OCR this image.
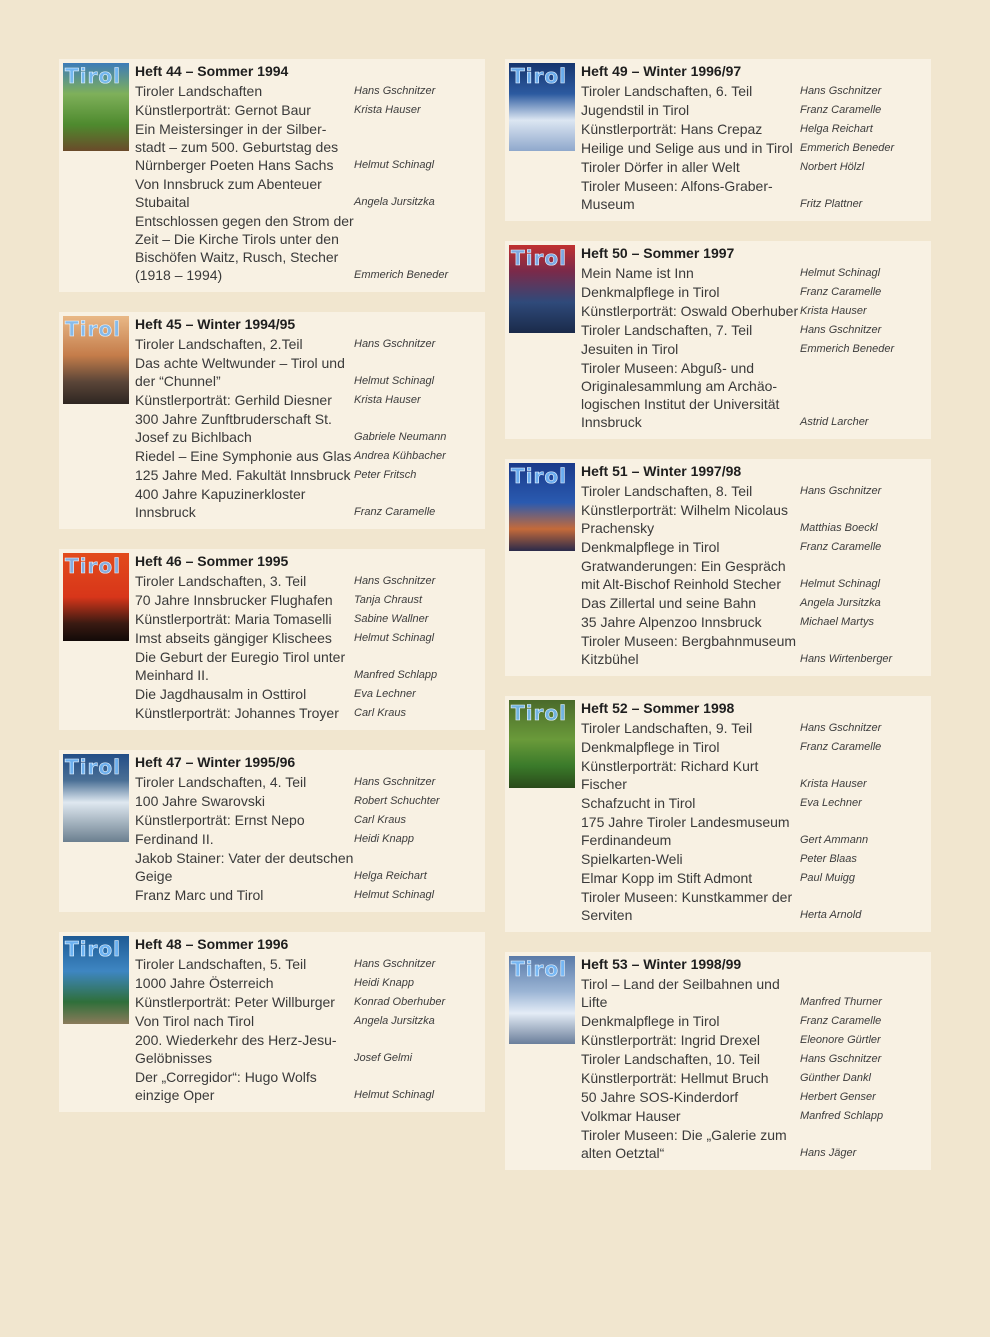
Tirol Heft 44 – Sommer 1994
Tiroler Landschaften	Hans Gschnitzer
Künstlerporträt: Gernot Baur	Krista Hauser
Ein Meistersinger in der Silber- stadt – zum 500. Geburtstag des Nürnberger Poeten Hans Sachs	Helmut Schinagl
Von Innsbruck zum Abenteuer Stubaital	Angela Jursitzka
Entschlossen gegen den Strom der Zeit – Die Kirche Tirols unter den Bischöfen Waitz, Rusch, Stecher (1918 – 1994)	Emmerich Beneder
Tirol Heft 45 – Winter 1994/95
Tiroler Landschaften, 2.Teil	Hans Gschnitzer
Das achte Weltwunder – Tirol und der “Chunnel”	Helmut Schinagl
Künstlerporträt: Gerhild Diesner	Krista Hauser
300 Jahre Zunftbruderschaft St. Josef zu Bichlbach	Gabriele Neumann
Riedel – Eine Symphonie aus Glas Andrea Kühbacher
125 Jahre Med. Fakultät Innsbruck Peter Fritsch
400 Jahre Kapuzinerkloster Innsbruck	Franz Caramelle
Tirol Heft 46 – Sommer 1995
Tiroler Landschaften, 3. Teil	Hans Gschnitzer
70 Jahre Innsbrucker Flughafen	Tanja Chraust
Künstlerporträt: Maria Tomaselli	Sabine Wallner
Imst abseits gängiger Klischees	Helmut Schinagl
Die Geburt der Euregio Tirol unter Meinhard II.	Manfred Schlapp
Die Jagdhausalm in Osttirol	Eva Lechner
Künstlerporträt: Johannes Troyer	Carl Kraus
Tirol Heft 47 – Winter 1995/96
Tiroler Landschaften, 4. Teil	Hans Gschnitzer
100 Jahre Swarovski	Robert Schuchter
Künstlerporträt: Ernst Nepo	Carl Kraus
Ferdinand II.	Heidi Knapp
Jakob Stainer: Vater der deutschen Geige	Helga Reichart
Franz Marc und Tirol	Helmut Schinagl
Tirol Heft 48 – Sommer 1996
Tiroler Landschaften, 5. Teil	Hans Gschnitzer
1000 Jahre Österreich	Heidi Knapp
Künstlerporträt: Peter Willburger	Konrad Oberhuber
Von Tirol nach Tirol	Angela Jursitzka
200. Wiederkehr des Herz-Jesu- Gelöbnisses	Josef Gelmi
Der „Corregidor“: Hugo Wolfs einzige Oper	Helmut Schinagl
Tirol Heft 49 – Winter 1996/97
Tiroler Landschaften, 6. Teil	Hans Gschnitzer
Jugendstil in Tirol	Franz Caramelle
Künstlerporträt: Hans Crepaz	Helga Reichart
Heilige und Selige aus und in Tirol Emmerich Beneder
Tiroler Dörfer in aller Welt	Norbert Hölzl
Tiroler Museen: Alfons-Graber- Museum	Fritz Plattner
Tirol Heft 50 – Sommer 1997
Mein Name ist Inn	Helmut Schinagl
Denkmalpflege in Tirol	Franz Caramelle
Künstlerporträt: Oswald Oberhuber Krista Hauser
Tiroler Landschaften, 7. Teil	Hans Gschnitzer
Jesuiten in Tirol	Emmerich Beneder
Tiroler Museen: Abguß- und Originalesammlung am Archäo- logischen Institut der Universität Innsbruck	Astrid Larcher
Tirol Heft 51 – Winter 1997/98
Tiroler Landschaften, 8. Teil	Hans Gschnitzer
Künstlerporträt: Wilhelm Nicolaus Prachensky	Matthias Boeckl
Denkmalpflege in Tirol	Franz Caramelle
Gratwanderungen: Ein Gespräch mit Alt-Bischof Reinhold Stecher	Helmut Schinagl
Das Zillertal und seine Bahn	Angela Jursitzka
35 Jahre Alpenzoo Innsbruck	Michael Martys
Tiroler Museen: Bergbahnmuseum Kitzbühel	Hans Wirtenberger
Tirol Heft 52 – Sommer 1998
Tiroler Landschaften, 9. Teil	Hans Gschnitzer
Denkmalpflege in Tirol	Franz Caramelle
Künstlerporträt: Richard Kurt Fischer	Krista Hauser
Schafzucht in Tirol	Eva Lechner
175 Jahre Tiroler Landesmuseum Ferdinandeum	Gert Ammann
Spielkarten-Weli	Peter Blaas
Elmar Kopp im Stift Admont	Paul Muigg
Tiroler Museen: Kunstkammer der Serviten	Herta Arnold
Tirol Heft 53 – Winter 1998/99
Tirol – Land der Seilbahnen und Lifte	Manfred Thurner
Denkmalpflege in Tirol	Franz Caramelle
Künstlerporträt: Ingrid Drexel	Eleonore Gürtler
Tiroler Landschaften, 10. Teil	Hans Gschnitzer
Künstlerporträt: Hellmut Bruch	Günther Dankl
50 Jahre SOS-Kinderdorf	Herbert Genser
Volkmar Hauser	Manfred Schlapp
Tiroler Museen: Die „Galerie zum alten Oetztal“	Hans Jäger
